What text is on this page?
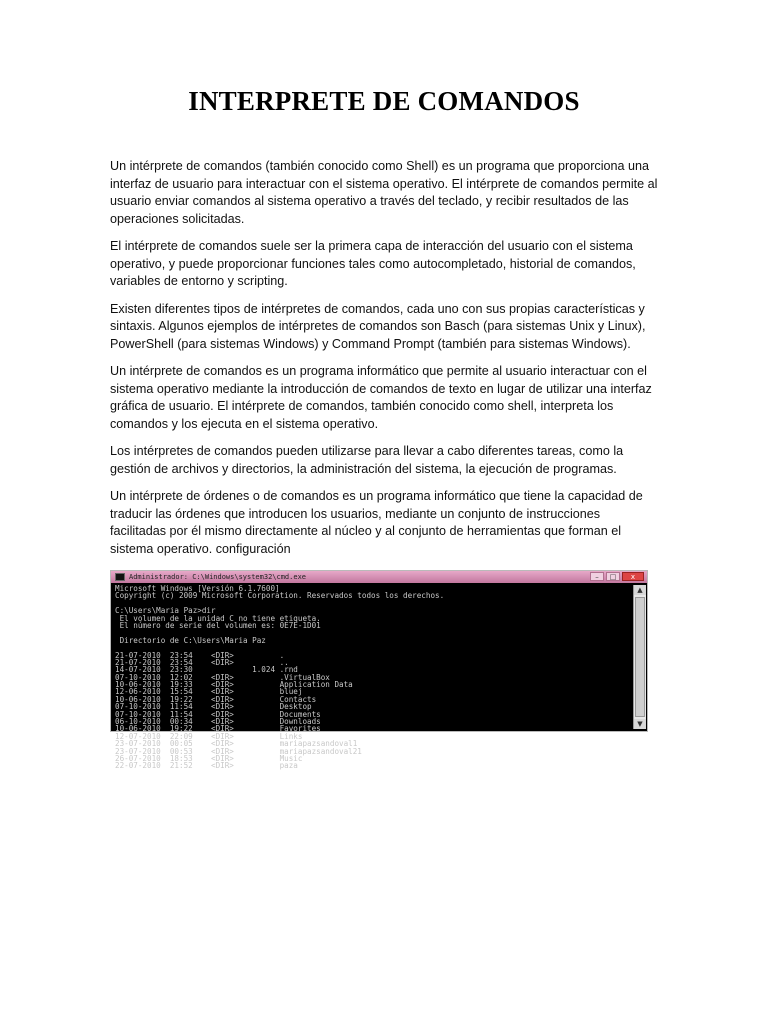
INTERPRETE DE COMANDOS

Un intérprete de comandos (también conocido como Shell) es un programa que proporciona una interfaz de usuario para interactuar con el sistema operativo. El intérprete de comandos permite al usuario enviar comandos al sistema operativo a través del teclado, y recibir resultados de las operaciones solicitadas.

El intérprete de comandos suele ser la primera capa de interacción del usuario con el sistema operativo, y puede proporcionar funciones tales como autocompletado, historial de comandos, variables de entorno y scripting.

Existen diferentes tipos de intérpretes de comandos, cada uno con sus propias características y sintaxis. Algunos ejemplos de intérpretes de comandos son Basch (para sistemas Unix y Linux), PowerShell (para sistemas Windows) y Command Prompt (también para sistemas Windows).

Un intérprete de comandos es un programa informático que permite al usuario interactuar con el sistema operativo mediante la introducción de comandos de texto en lugar de utilizar una interfaz gráfica de usuario. El intérprete de comandos, también conocido como shell, interpreta los comandos y los ejecuta en el sistema operativo.

Los intérpretes de comandos pueden utilizarse para llevar a cabo diferentes tareas, como la gestión de archivos y directorios, la administración del sistema, la ejecución de programas.

Un intérprete de órdenes o de comandos es un programa informático que tiene la capacidad de traducir las órdenes que introducen los usuarios, mediante un conjunto de instrucciones facilitadas por él mismo directamente al núcleo y al conjunto de herramientas que forman el sistema operativo. configuración

Administrador: C:\Windows\system32\cmd.exe	–	□	x
Microsoft Windows [Versión 6.1.7600]
Copyright (c) 2009 Microsoft Corporation. Reservados todos los derechos.

C:\Users\Maria Paz>dir
El volumen de la unidad C no tiene etiqueta.
El número de serie del volumen es: 0E7E-1D01

Directorio de C:\Users\Maria Paz

21-07-2010  23:54    <DIR>          .
21-07-2010  23:54    <DIR>          ..
14-07-2010  23:30             1.024 .rnd
07-10-2010  12:02    <DIR>          .VirtualBox
10-06-2010  19:33    <DIR>          Application Data
12-06-2010  15:54    <DIR>          bluej
10-06-2010  19:22    <DIR>          Contacts
07-10-2010  11:54    <DIR>          Desktop
07-10-2010  11:54    <DIR>          Documents
06-10-2010  00:34    <DIR>          Downloads
10-06-2010  19:22    <DIR>          Favorites
12-07-2010  22:09    <DIR>          Links
23-07-2010  00:05    <DIR>          mariapazsandoval1
23-07-2010  00:53    <DIR>          mariapazsandoval21
26-07-2010  18:53    <DIR>          Music
22-07-2010  21:52    <DIR>          paza
▲
▼
